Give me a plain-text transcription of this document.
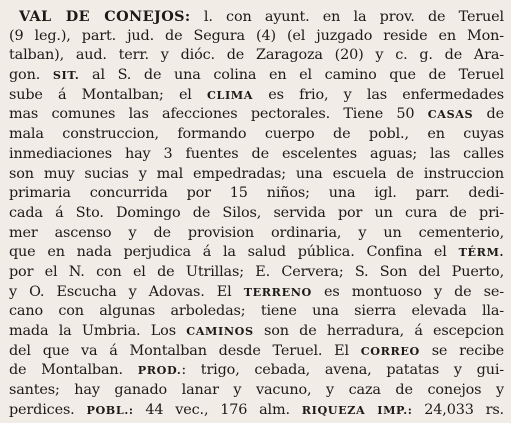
VAL DE CONEJOS: l. con ayunt. en la prov. de Teruel
(9 leg.), part. jud. de Segura (4) (el juzgado reside en Mon-
talban), aud. terr. y dióc. de Zaragoza (20) y c. g. de Ara-
gon. SIT. al S. de una colina en el camino que de Teruel
sube á Montalban; el CLIMA es frio, y las enfermedades
mas comunes las afecciones pectorales. Tiene 50 CASAS de
mala construccion, formando cuerpo de pobl., en cuyas
inmediaciones hay 3 fuentes de escelentes aguas; las calles
son muy sucias y mal empedradas; una escuela de instruccion
primaria concurrida por 15 niños; una igl. parr. dedi-
cada á Sto. Domingo de Silos, servida por un cura de pri-
mer ascenso y de provision ordinaria, y un cementerio,
que en nada perjudica á la salud pública. Confina el TÉRM.
por el N. con el de Utrillas; E. Cervera; S. Son del Puerto,
y O. Escucha y Adovas. El TERRENO es montuoso y de se-
cano con algunas arboledas; tiene una sierra elevada lla-
mada la Umbria. Los CAMINOS son de herradura, á escepcion
del que va á Montalban desde Teruel. El CORREO se recibe
de Montalban. PROD.: trigo, cebada, avena, patatas y gui-
santes; hay ganado lanar y vacuno, y caza de conejos y
perdices. POBL.: 44 vec., 176 alm. RIQUEZA IMP.: 24,033 rs.
